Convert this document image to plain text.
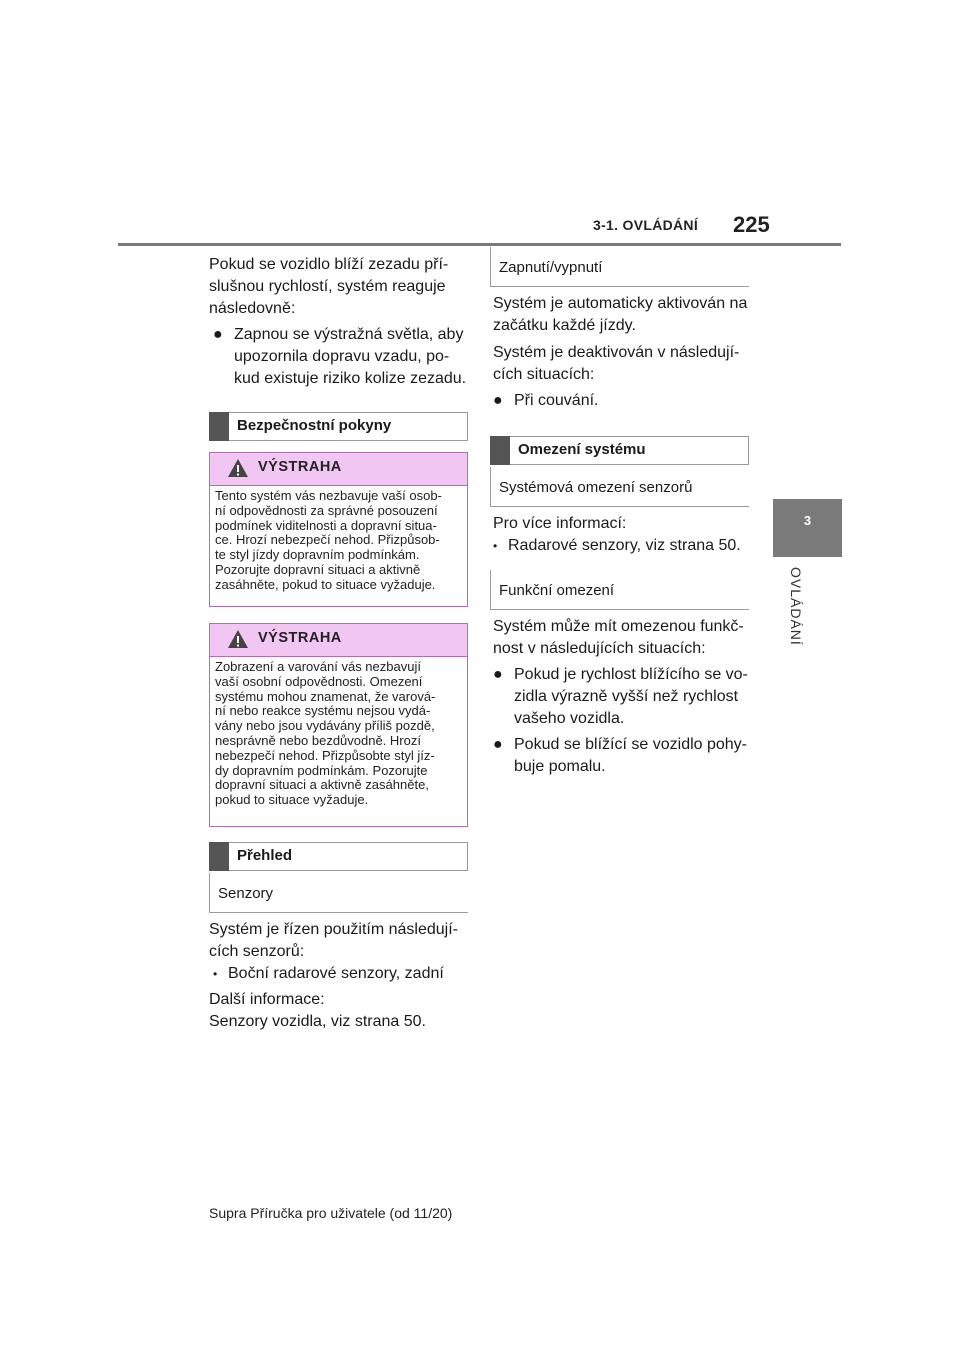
3-1. OVLÁDÁNÍ 225
3
OVLÁDÁNÍ
Pokud se vozidlo blíží zezadu pří-
slušnou rychlostí, systém reaguje
následovně:
● Zapnou se výstražná světla, aby
upozornila dopravu vzadu, po-
kud existuje riziko kolize zezadu.
Bezpečnostní pokyny
VÝSTRAHA
Tento systém vás nezbavuje vaší osob-
ní odpovědnosti za správné posouzení
podmínek viditelnosti a dopravní situa-
ce. Hrozí nebezpečí nehod. Přizpůsob-
te styl jízdy dopravním podmínkám.
Pozorujte dopravní situaci a aktivně
zasáhněte, pokud to situace vyžaduje.
VÝSTRAHA
Zobrazení a varování vás nezbavují
vaší osobní odpovědnosti. Omezení
systému mohou znamenat, že varová-
ní nebo reakce systému nejsou vydá-
vány nebo jsou vydávány příliš pozdě,
nesprávně nebo bezdůvodně. Hrozí
nebezpečí nehod. Přizpůsobte styl jíz-
dy dopravním podmínkám. Pozorujte
dopravní situaci a aktivně zasáhněte,
pokud to situace vyžaduje.
Přehled
Senzory
Systém je řízen použitím následují-
cích senzorů:
• Boční radarové senzory, zadní
Další informace:
Senzory vozidla, viz strana 50.
Zapnutí/vypnutí
Systém je automaticky aktivován na
začátku každé jízdy.
Systém je deaktivován v následují-
cích situacích:
● Při couvání.
Omezení systému
Systémová omezení senzorů
Pro více informací:
• Radarové senzory, viz strana 50.
Funkční omezení
Systém může mít omezenou funkč-
nost v následujících situacích:
● Pokud je rychlost blížícího se vo-
zidla výrazně vyšší než rychlost
vašeho vozidla.
● Pokud se blížící se vozidlo pohy-
buje pomalu.
Supra Příručka pro uživatele (od 11/20)
